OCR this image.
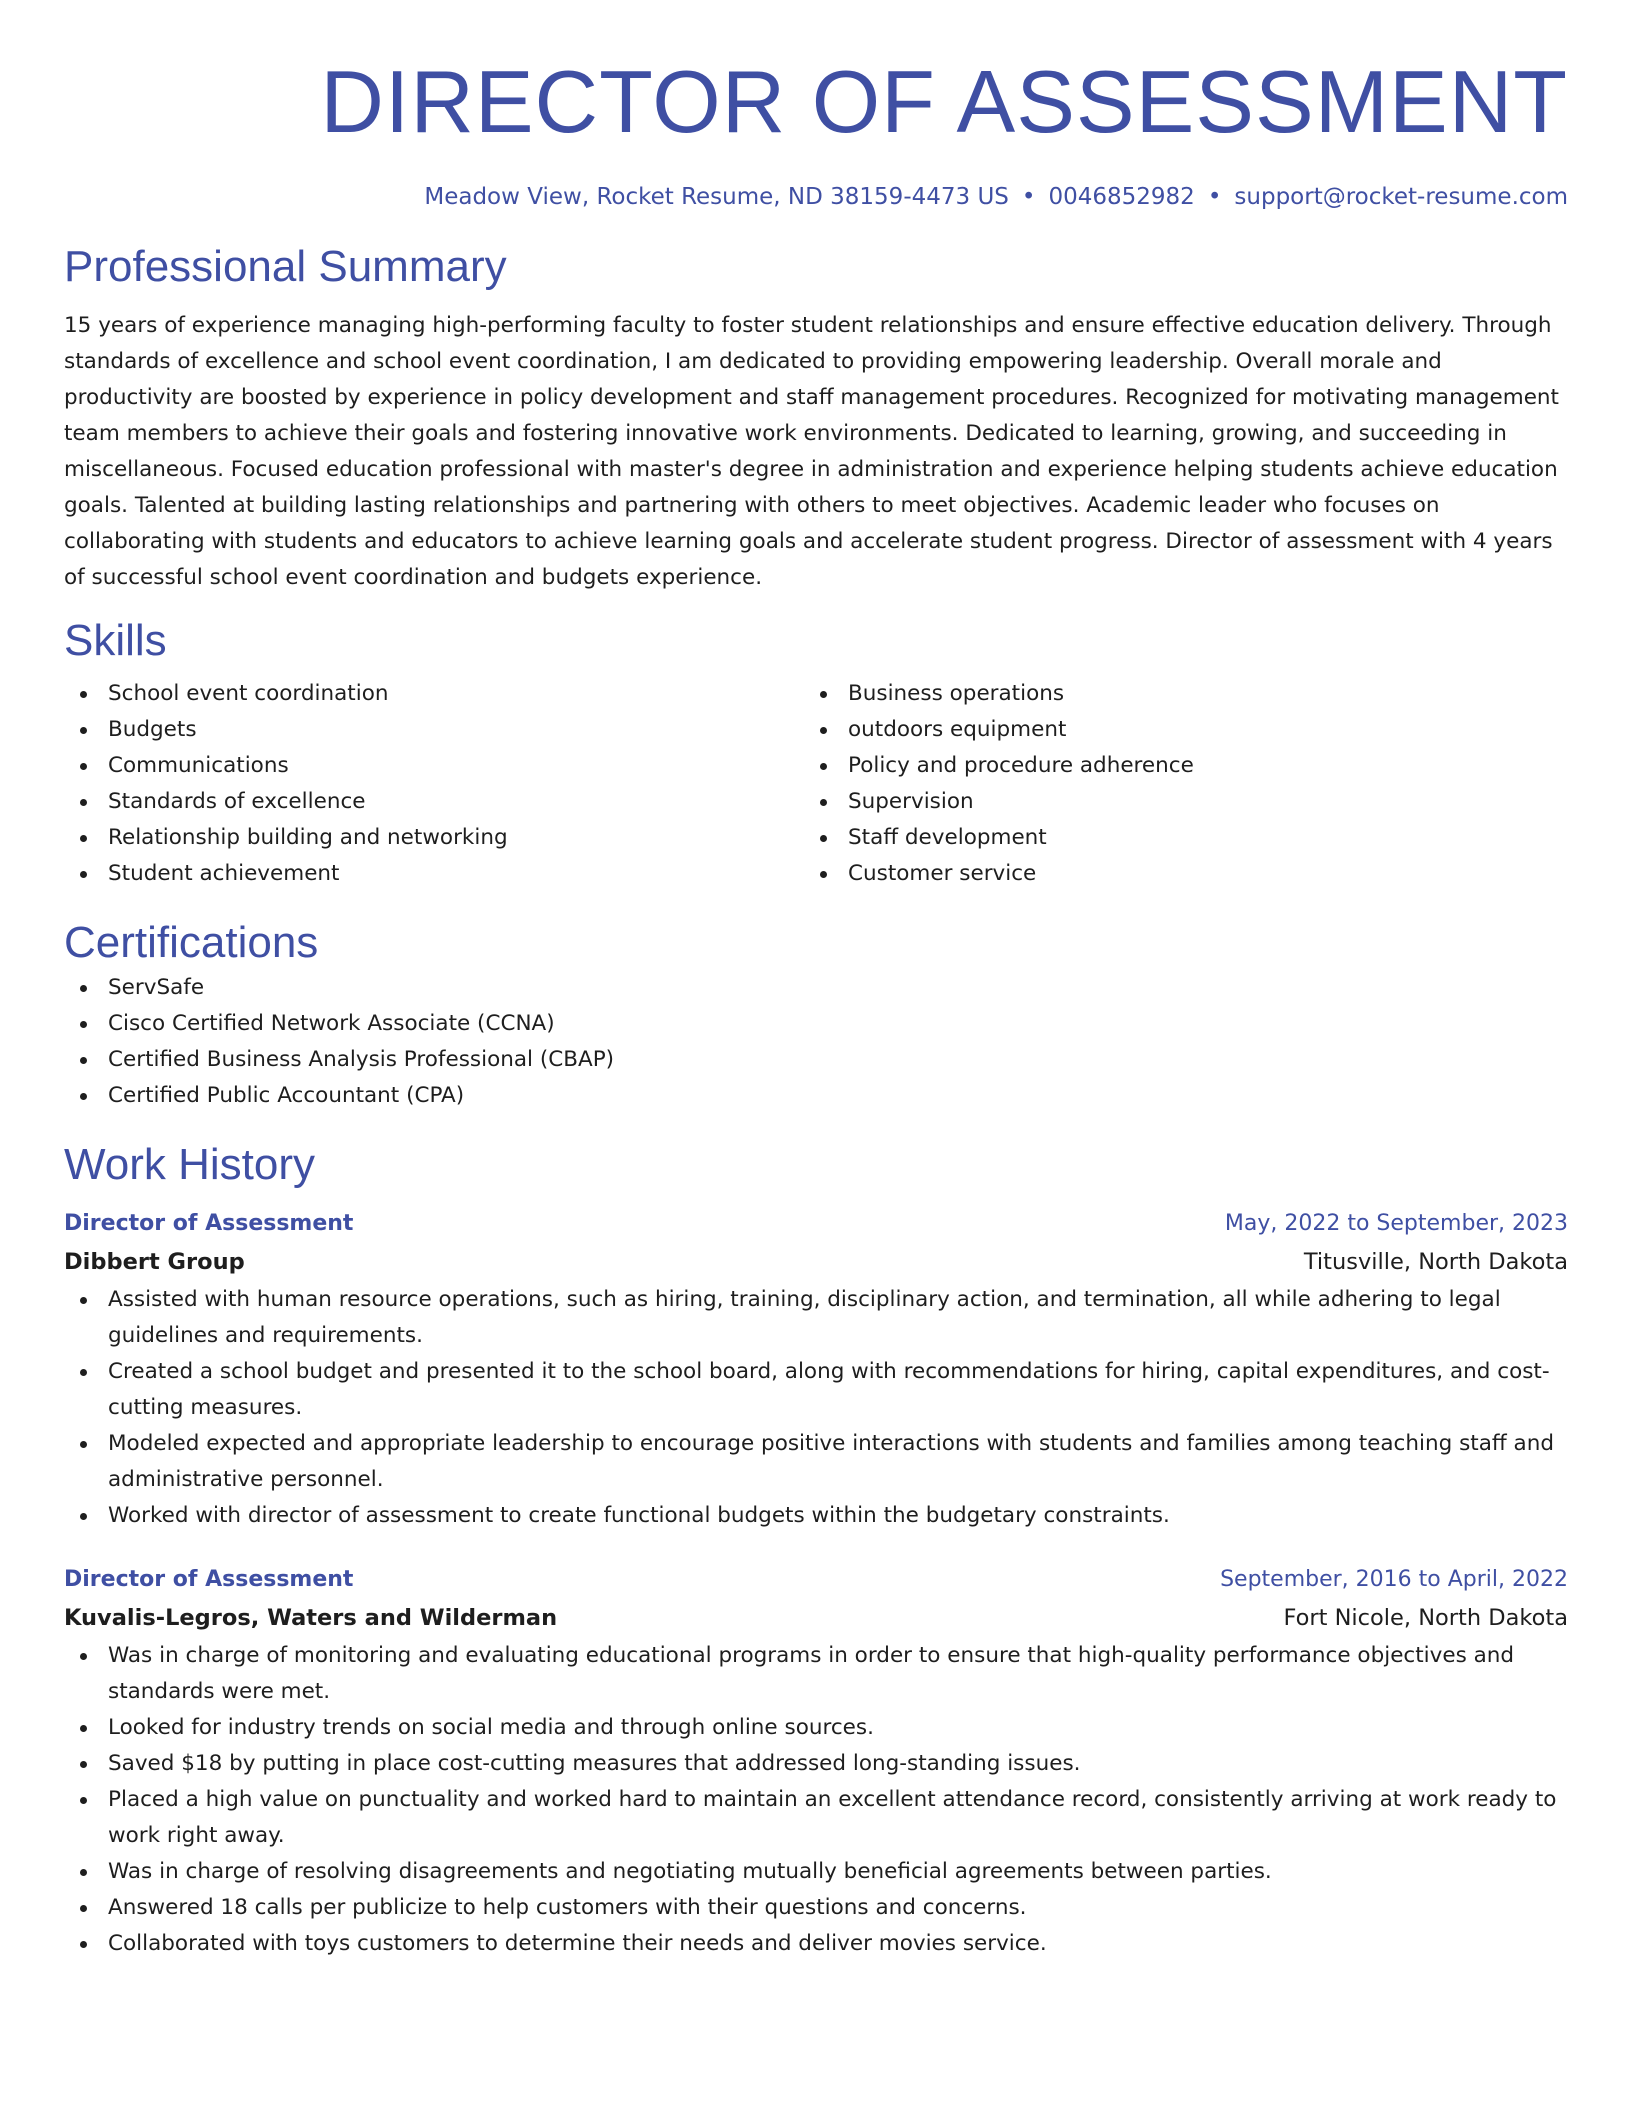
DIRECTOR OF ASSESSMENT
Meadow View, Rocket Resume, ND 38159-4473 US • 0046852982 • support@rocket-resume.com
Professional Summary

15 years of experience managing high-performing faculty to foster student relationships and ensure effective education delivery. Through standards of excellence and school event coordination, I am dedicated to providing empowering leadership. Overall morale and productivity are boosted by experience in policy development and staff management procedures. Recognized for motivating management team members to achieve their goals and fostering innovative work environments. Dedicated to learning, growing, and succeeding in miscellaneous. Focused education professional with master's degree in administration and experience helping students achieve education goals. Talented at building lasting relationships and partnering with others to meet objectives. Academic leader who focuses on collaborating with students and educators to achieve learning goals and accelerate student progress. Director of assessment with 4 years of successful school event coordination and budgets experience.

Skills
School event coordination
Budgets
Communications
Standards of excellence
Relationship building and networking
Student achievement
Business operations
outdoors equipment
Policy and procedure adherence
Supervision
Staff development
Customer service
Certifications
ServSafe
Cisco Certified Network Associate (CCNA)
Certified Business Analysis Professional (CBAP)
Certified Public Accountant (CPA)
Work History
Director of Assessment	May, 2022 to September, 2023
Dibbert Group	Titusville, North Dakota
Assisted with human resource operations, such as hiring, training, disciplinary action, and termination, all while adhering to legal guidelines and requirements.
Created a school budget and presented it to the school board, along with recommendations for hiring, capital expenditures, and cost-cutting measures.
Modeled expected and appropriate leadership to encourage positive interactions with students and families among teaching staff and administrative personnel.
Worked with director of assessment to create functional budgets within the budgetary constraints.
Director of Assessment	September, 2016 to April, 2022
Kuvalis-Legros, Waters and Wilderman	Fort Nicole, North Dakota
Was in charge of monitoring and evaluating educational programs in order to ensure that high-quality performance objectives and standards were met.
Looked for industry trends on social media and through online sources.
Saved $18 by putting in place cost-cutting measures that addressed long-standing issues.
Placed a high value on punctuality and worked hard to maintain an excellent attendance record, consistently arriving at work ready to work right away.
Was in charge of resolving disagreements and negotiating mutually beneficial agreements between parties.
Answered 18 calls per publicize to help customers with their questions and concerns.
Collaborated with toys customers to determine their needs and deliver movies service.
